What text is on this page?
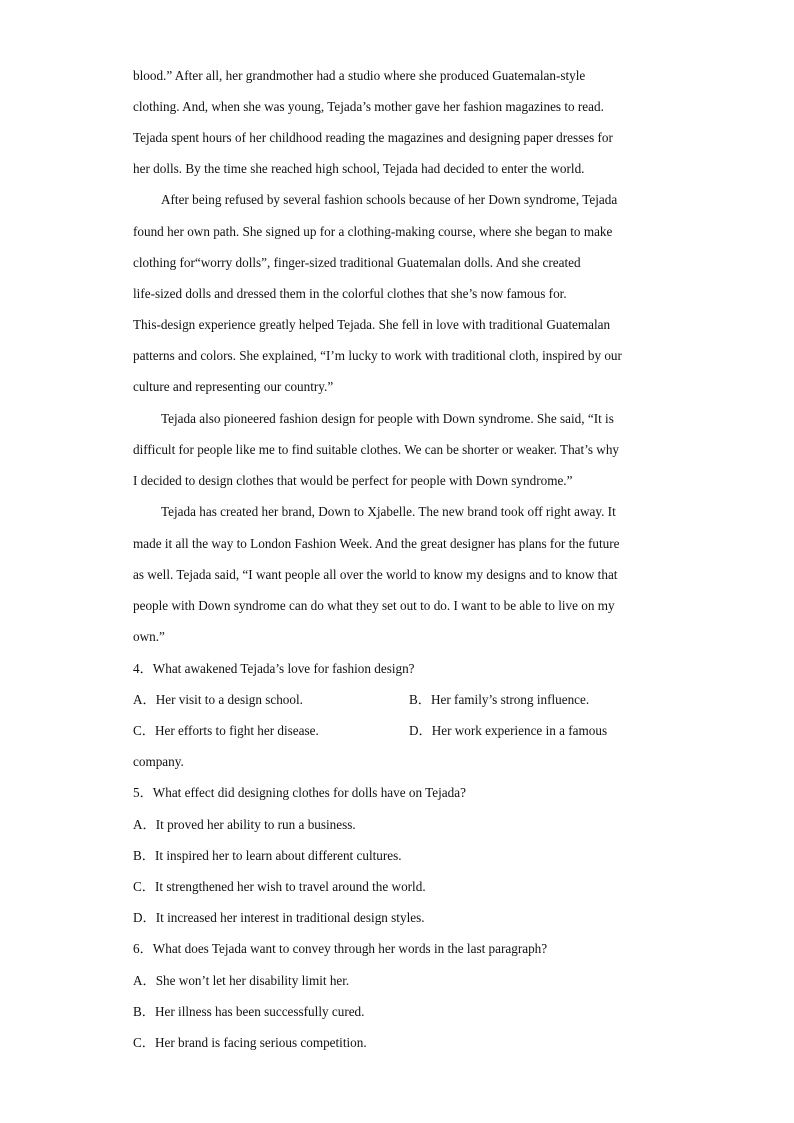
blood.” After all, her grandmother had a studio where she produced Guatemalan-style
clothing. And, when she was young, Tejada’s mother gave her fashion magazines to read.
Tejada spent hours of her childhood reading the magazines and designing paper dresses for
her dolls. By the time she reached high school, Tejada had decided to enter the world.
After being refused by several fashion schools because of her Down syndrome, Tejada
found her own path. She signed up for a clothing-making course, where she began to make
clothing for“worry dolls”, finger-sized traditional Guatemalan dolls. And she created
life-sized dolls and dressed them in the colorful clothes that she’s now famous for.
This-design experience greatly helped Tejada. She fell in love with traditional Guatemalan
patterns and colors. She explained, “I’m lucky to work with traditional cloth, inspired by our
culture and representing our country.”
Tejada also pioneered fashion design for people with Down syndrome. She said, “It is
difficult for people like me to find suitable clothes. We can be shorter or weaker. That’s why
I decided to design clothes that would be perfect for people with Down syndrome.”
Tejada has created her brand, Down to Xjabelle. The new brand took off right away. It
made it all the way to London Fashion Week. And the great designer has plans for the future
as well. Tejada said, “I want people all over the world to know my designs and to know that
people with Down syndrome can do what they set out to do. I want to be able to live on my
own.”
4．What awakened Tejada’s love for fashion design?
A．Her visit to a design school.	B．Her family’s strong influence.
C．Her efforts to fight her disease.	D．Her work experience in a famous
company.
5．What effect did designing clothes for dolls have on Tejada?
A．It proved her ability to run a business.
B．It inspired her to learn about different cultures.
C．It strengthened her wish to travel around the world.
D．It increased her interest in traditional design styles.
6．What does Tejada want to convey through her words in the last paragraph?
A．She won’t let her disability limit her.
B．Her illness has been successfully cured.
C．Her brand is facing serious competition.
